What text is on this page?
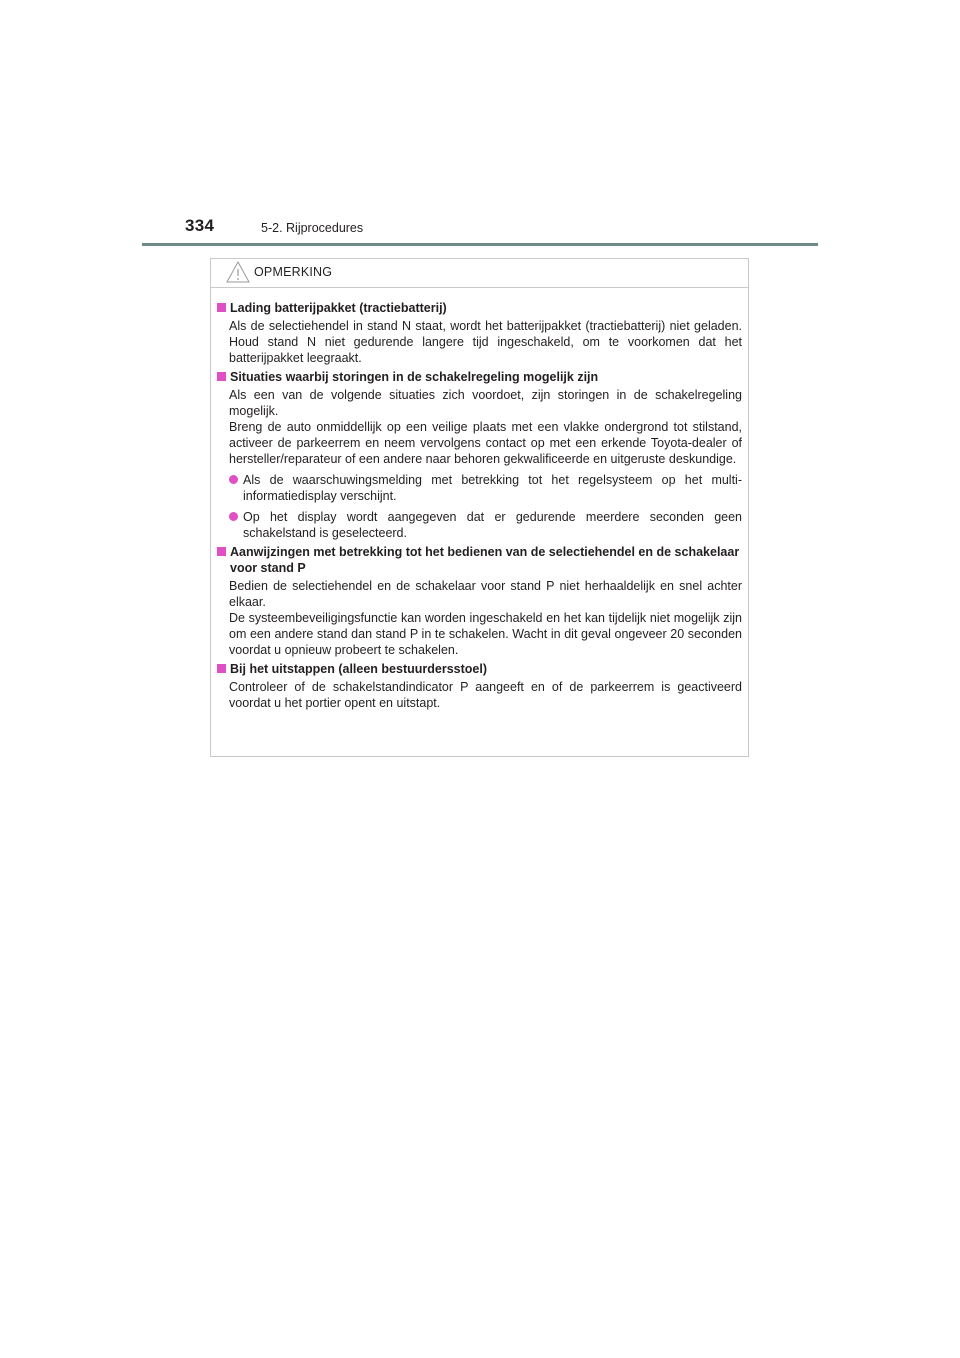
334	5-2. Rijprocedures
OPMERKING
Lading batterijpakket (tractiebatterij)
Als de selectiehendel in stand N staat, wordt het batterijpakket (tractiebatterij) niet geladen. Houd stand N niet gedurende langere tijd ingeschakeld, om te voorkomen dat het batterijpakket leegraakt.
Situaties waarbij storingen in de schakelregeling mogelijk zijn
Als een van de volgende situaties zich voordoet, zijn storingen in de schakelregeling mogelijk.
Breng de auto onmiddellijk op een veilige plaats met een vlakke ondergrond tot stilstand, activeer de parkeerrem en neem vervolgens contact op met een erkende Toyota-dealer of hersteller/reparateur of een andere naar behoren gekwalificeerde en uitgeruste deskundige.
Als de waarschuwingsmelding met betrekking tot het regelsysteem op het multi-informatiedisplay verschijnt.
Op het display wordt aangegeven dat er gedurende meerdere seconden geen schakelstand is geselecteerd.
Aanwijzingen met betrekking tot het bedienen van de selectiehendel en de schakelaar voor stand P
Bedien de selectiehendel en de schakelaar voor stand P niet herhaaldelijk en snel achter elkaar.
De systeembeveiligingsfunctie kan worden ingeschakeld en het kan tijdelijk niet mogelijk zijn om een andere stand dan stand P in te schakelen. Wacht in dit geval ongeveer 20 seconden voordat u opnieuw probeert te schakelen.
Bij het uitstappen (alleen bestuurdersstoel)
Controleer of de schakelstandindicator P aangeeft en of de parkeerrem is geactiveerd voordat u het portier opent en uitstapt.
